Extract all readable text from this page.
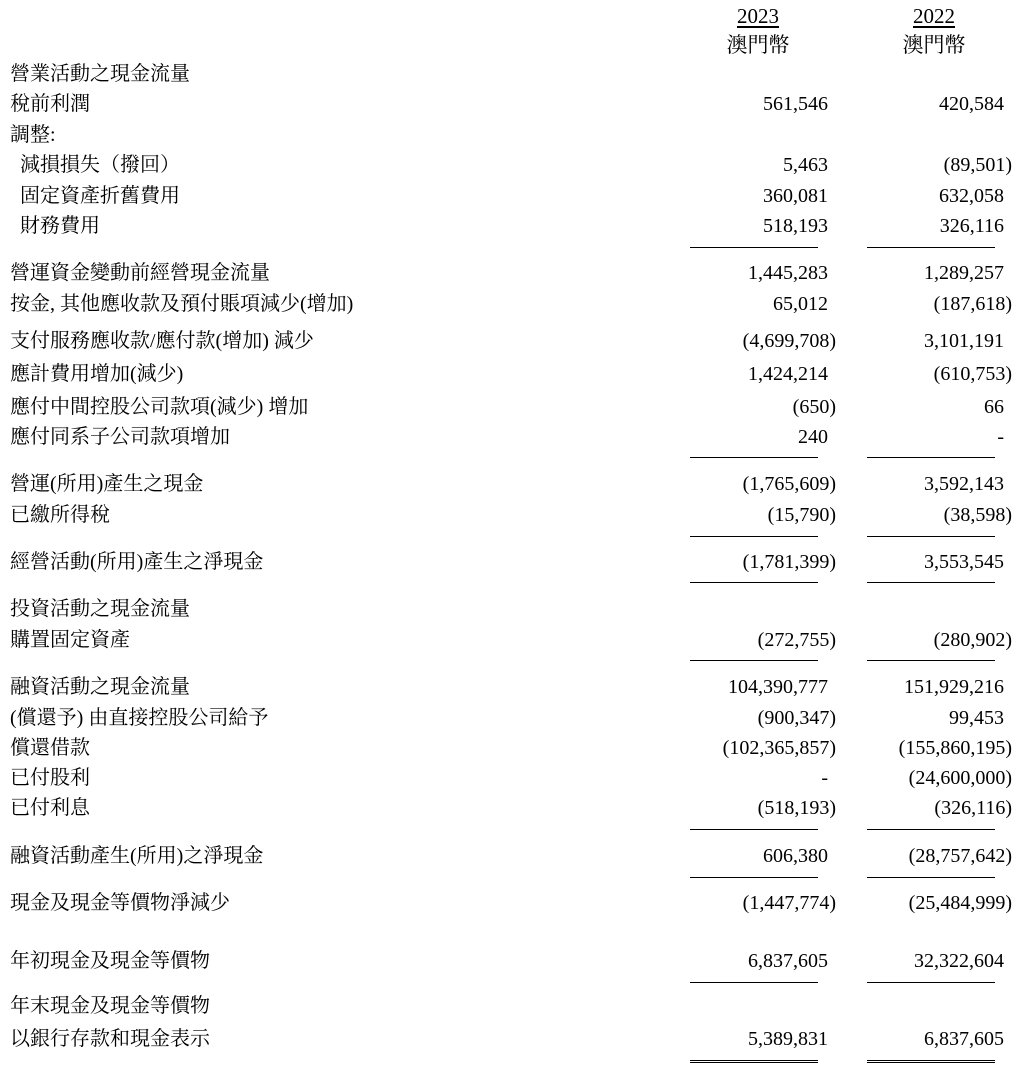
2023
澳門幣
2022
澳門幣
營業活動之現金流量
稅前利潤	561,546	420,584
調整:
減損損失（撥回）	5,463	(89,501)
固定資產折舊費用	360,081	632,058
財務費用	518,193	326,116
營運資金變動前經營現金流量	1,445,283	1,289,257
按金, 其他應收款及預付賬項減少(增加)	65,012	(187,618)
支付服務應收款/應付款(增加) 減少	(4,699,708)	3,101,191
應計費用增加(減少)	1,424,214	(610,753)
應付中間控股公司款項(減少) 增加	(650)	66
應付同系子公司款項增加	240	-
營運(所用)產生之現金	(1,765,609)	3,592,143
已繳所得稅	(15,790)	(38,598)
經營活動(所用)產生之淨現金	(1,781,399)	3,553,545
投資活動之現金流量
購置固定資產	(272,755)	(280,902)
融資活動之現金流量	104,390,777	151,929,216
(償還予) 由直接控股公司給予	(900,347)	99,453
償還借款	(102,365,857)	(155,860,195)
已付股利	-	(24,600,000)
已付利息	(518,193)	(326,116)
融資活動產生(所用)之淨現金	606,380	(28,757,642)
現金及現金等價物淨減少	(1,447,774)	(25,484,999)
年初現金及現金等價物	6,837,605	32,322,604
年末現金及現金等價物
以銀行存款和現金表示	5,389,831	6,837,605
